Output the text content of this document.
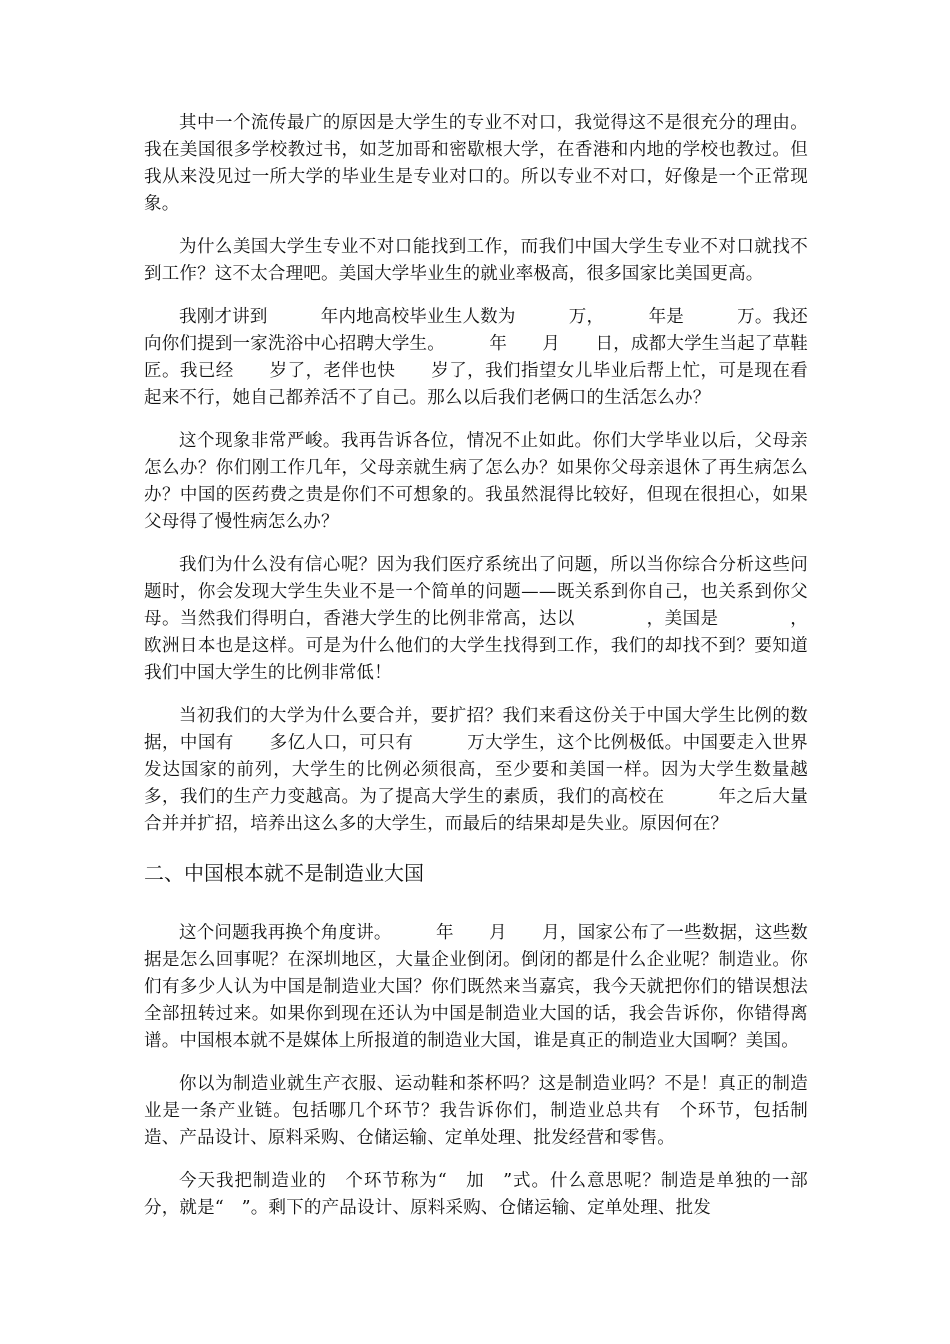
其中一个流传最广的原因是大学生的专业不对口，我觉得这不是很充分的理由。我在美国很多学校教过书，如芝加哥和密歇根大学，在香港和内地的学校也教过。但我从来没见过一所大学的毕业生是专业对口的。所以专业不对口，好像是一个正常现象。

为什么美国大学生专业不对口能找到工作，而我们中国大学生专业不对口就找不到工作？这不太合理吧。美国大学毕业生的就业率极高，很多国家比美国更高。

我刚才讲到　　　年内地高校毕业生人数为　　　万，　　　年是　　　万。我还向你们提到一家洗浴中心招聘大学生。　　　年　　月　　日，成都大学生当起了草鞋匠。我已经　　岁了，老伴也快　　岁了，我们指望女儿毕业后帮上忙，可是现在看起来不行，她自己都养活不了自己。那么以后我们老俩口的生活怎么办？

这个现象非常严峻。我再告诉各位，情况不止如此。你们大学毕业以后，父母亲怎么办？你们刚工作几年，父母亲就生病了怎么办？如果你父母亲退休了再生病怎么办？中国的医药费之贵是你们不可想象的。我虽然混得比较好，但现在很担心，如果父母得了慢性病怎么办？

我们为什么没有信心呢？因为我们医疗系统出了问题，所以当你综合分析这些问题时，你会发现大学生失业不是一个简单的问题——既关系到你自己，也关系到你父母。当然我们得明白，香港大学生的比例非常高，达以　　　　，美国是　　　　，欧洲日本也是这样。可是为什么他们的大学生找得到工作，我们的却找不到？要知道我们中国大学生的比例非常低！

当初我们的大学为什么要合并，要扩招？我们来看这份关于中国大学生比例的数据，中国有　　多亿人口，可只有　　　万大学生，这个比例极低。中国要走入世界发达国家的前列，大学生的比例必须很高，至少要和美国一样。因为大学生数量越多，我们的生产力变越高。为了提高大学生的素质，我们的高校在　　　年之后大量合并并扩招，培养出这么多的大学生，而最后的结果却是失业。原因何在？

二、中国根本就不是制造业大国

这个问题我再换个角度讲。　　　年　　月　　月，国家公布了一些数据，这些数据是怎么回事呢？在深圳地区，大量企业倒闭。倒闭的都是什么企业呢？制造业。你们有多少人认为中国是制造业大国？你们既然来当嘉宾，我今天就把你们的错误想法全部扭转过来。如果你到现在还认为中国是制造业大国的话，我会告诉你，你错得离谱。中国根本就不是媒体上所报道的制造业大国，谁是真正的制造业大国啊？美国。

你以为制造业就生产衣服、运动鞋和茶杯吗？这是制造业吗？不是！真正的制造业是一条产业链。包括哪几个环节？我告诉你们，制造业总共有　个环节，包括制造、产品设计、原料采购、仓储运输、定单处理、批发经营和零售。

今天我把制造业的　个环节称为“　加　”式。什么意思呢？制造是单独的一部分，就是“　”。剩下的产品设计、原料采购、仓储运输、定单处理、批发
